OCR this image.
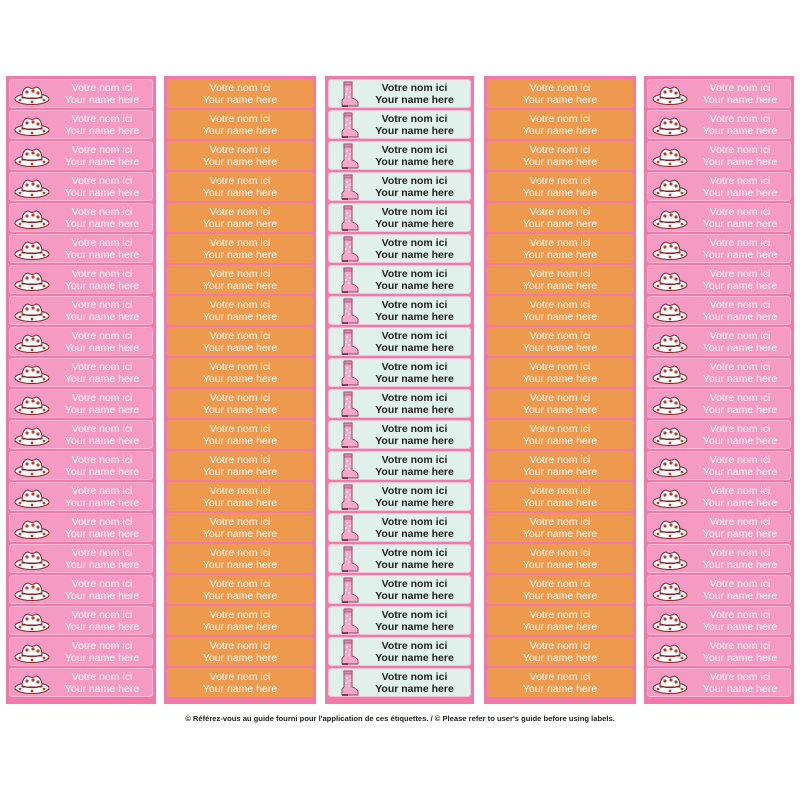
Votre nom ici
Your name here
Votre nom ici
Your name here
Votre nom ici
Your name here
Votre nom ici
Your name here
Votre nom ici
Your name here
Votre nom ici
Your name here
Votre nom ici
Your name here
Votre nom ici
Your name here
Votre nom ici
Your name here
Votre nom ici
Your name here
Votre nom ici
Your name here
Votre nom ici
Your name here
Votre nom ici
Your name here
Votre nom ici
Your name here
Votre nom ici
Your name here
Votre nom ici
Your name here
Votre nom ici
Your name here
Votre nom ici
Your name here
Votre nom ici
Your name here
Votre nom ici
Your name here
Votre nom ici
Your name here
Votre nom ici
Your name here
Votre nom ici
Your name here
Votre nom ici
Your name here
Votre nom ici
Your name here
Votre nom ici
Your name here
Votre nom ici
Your name here
Votre nom ici
Your name here
Votre nom ici
Your name here
Votre nom ici
Your name here
Votre nom ici
Your name here
Votre nom ici
Your name here
Votre nom ici
Your name here
Votre nom ici
Your name here
Votre nom ici
Your name here
Votre nom ici
Your name here
Votre nom ici
Your name here
Votre nom ici
Your name here
Votre nom ici
Your name here
Votre nom ici
Your name here
Votre nom ici
Your name here
Votre nom ici
Your name here
Votre nom ici
Your name here
Votre nom ici
Your name here
Votre nom ici
Your name here
Votre nom ici
Your name here
Votre nom ici
Your name here
Votre nom ici
Your name here
Votre nom ici
Your name here
Votre nom ici
Your name here
Votre nom ici
Your name here
Votre nom ici
Your name here
Votre nom ici
Your name here
Votre nom ici
Your name here
Votre nom ici
Your name here
Votre nom ici
Your name here
Votre nom ici
Your name here
Votre nom ici
Your name here
Votre nom ici
Your name here
Votre nom ici
Your name here
Votre nom ici
Your name here
Votre nom ici
Your name here
Votre nom ici
Your name here
Votre nom ici
Your name here
Votre nom ici
Your name here
Votre nom ici
Your name here
Votre nom ici
Your name here
Votre nom ici
Your name here
Votre nom ici
Your name here
Votre nom ici
Your name here
Votre nom ici
Your name here
Votre nom ici
Your name here
Votre nom ici
Your name here
Votre nom ici
Your name here
Votre nom ici
Your name here
Votre nom ici
Your name here
Votre nom ici
Your name here
Votre nom ici
Your name here
Votre nom ici
Your name here
Votre nom ici
Your name here
Votre nom ici
Your name here
Votre nom ici
Your name here
Votre nom ici
Your name here
Votre nom ici
Your name here
Votre nom ici
Your name here
Votre nom ici
Your name here
Votre nom ici
Your name here
Votre nom ici
Your name here
Votre nom ici
Your name here
Votre nom ici
Your name here
Votre nom ici
Your name here
Votre nom ici
Your name here
Votre nom ici
Your name here
Votre nom ici
Your name here
Votre nom ici
Your name here
Votre nom ici
Your name here
Votre nom ici
Your name here
Votre nom ici
Your name here
Votre nom ici
Your name here
Votre nom ici
Your name here
© Référez-vous au guide fourni pour l'application de ces étiquettes. / © Please refer to user's guide before using labels.
